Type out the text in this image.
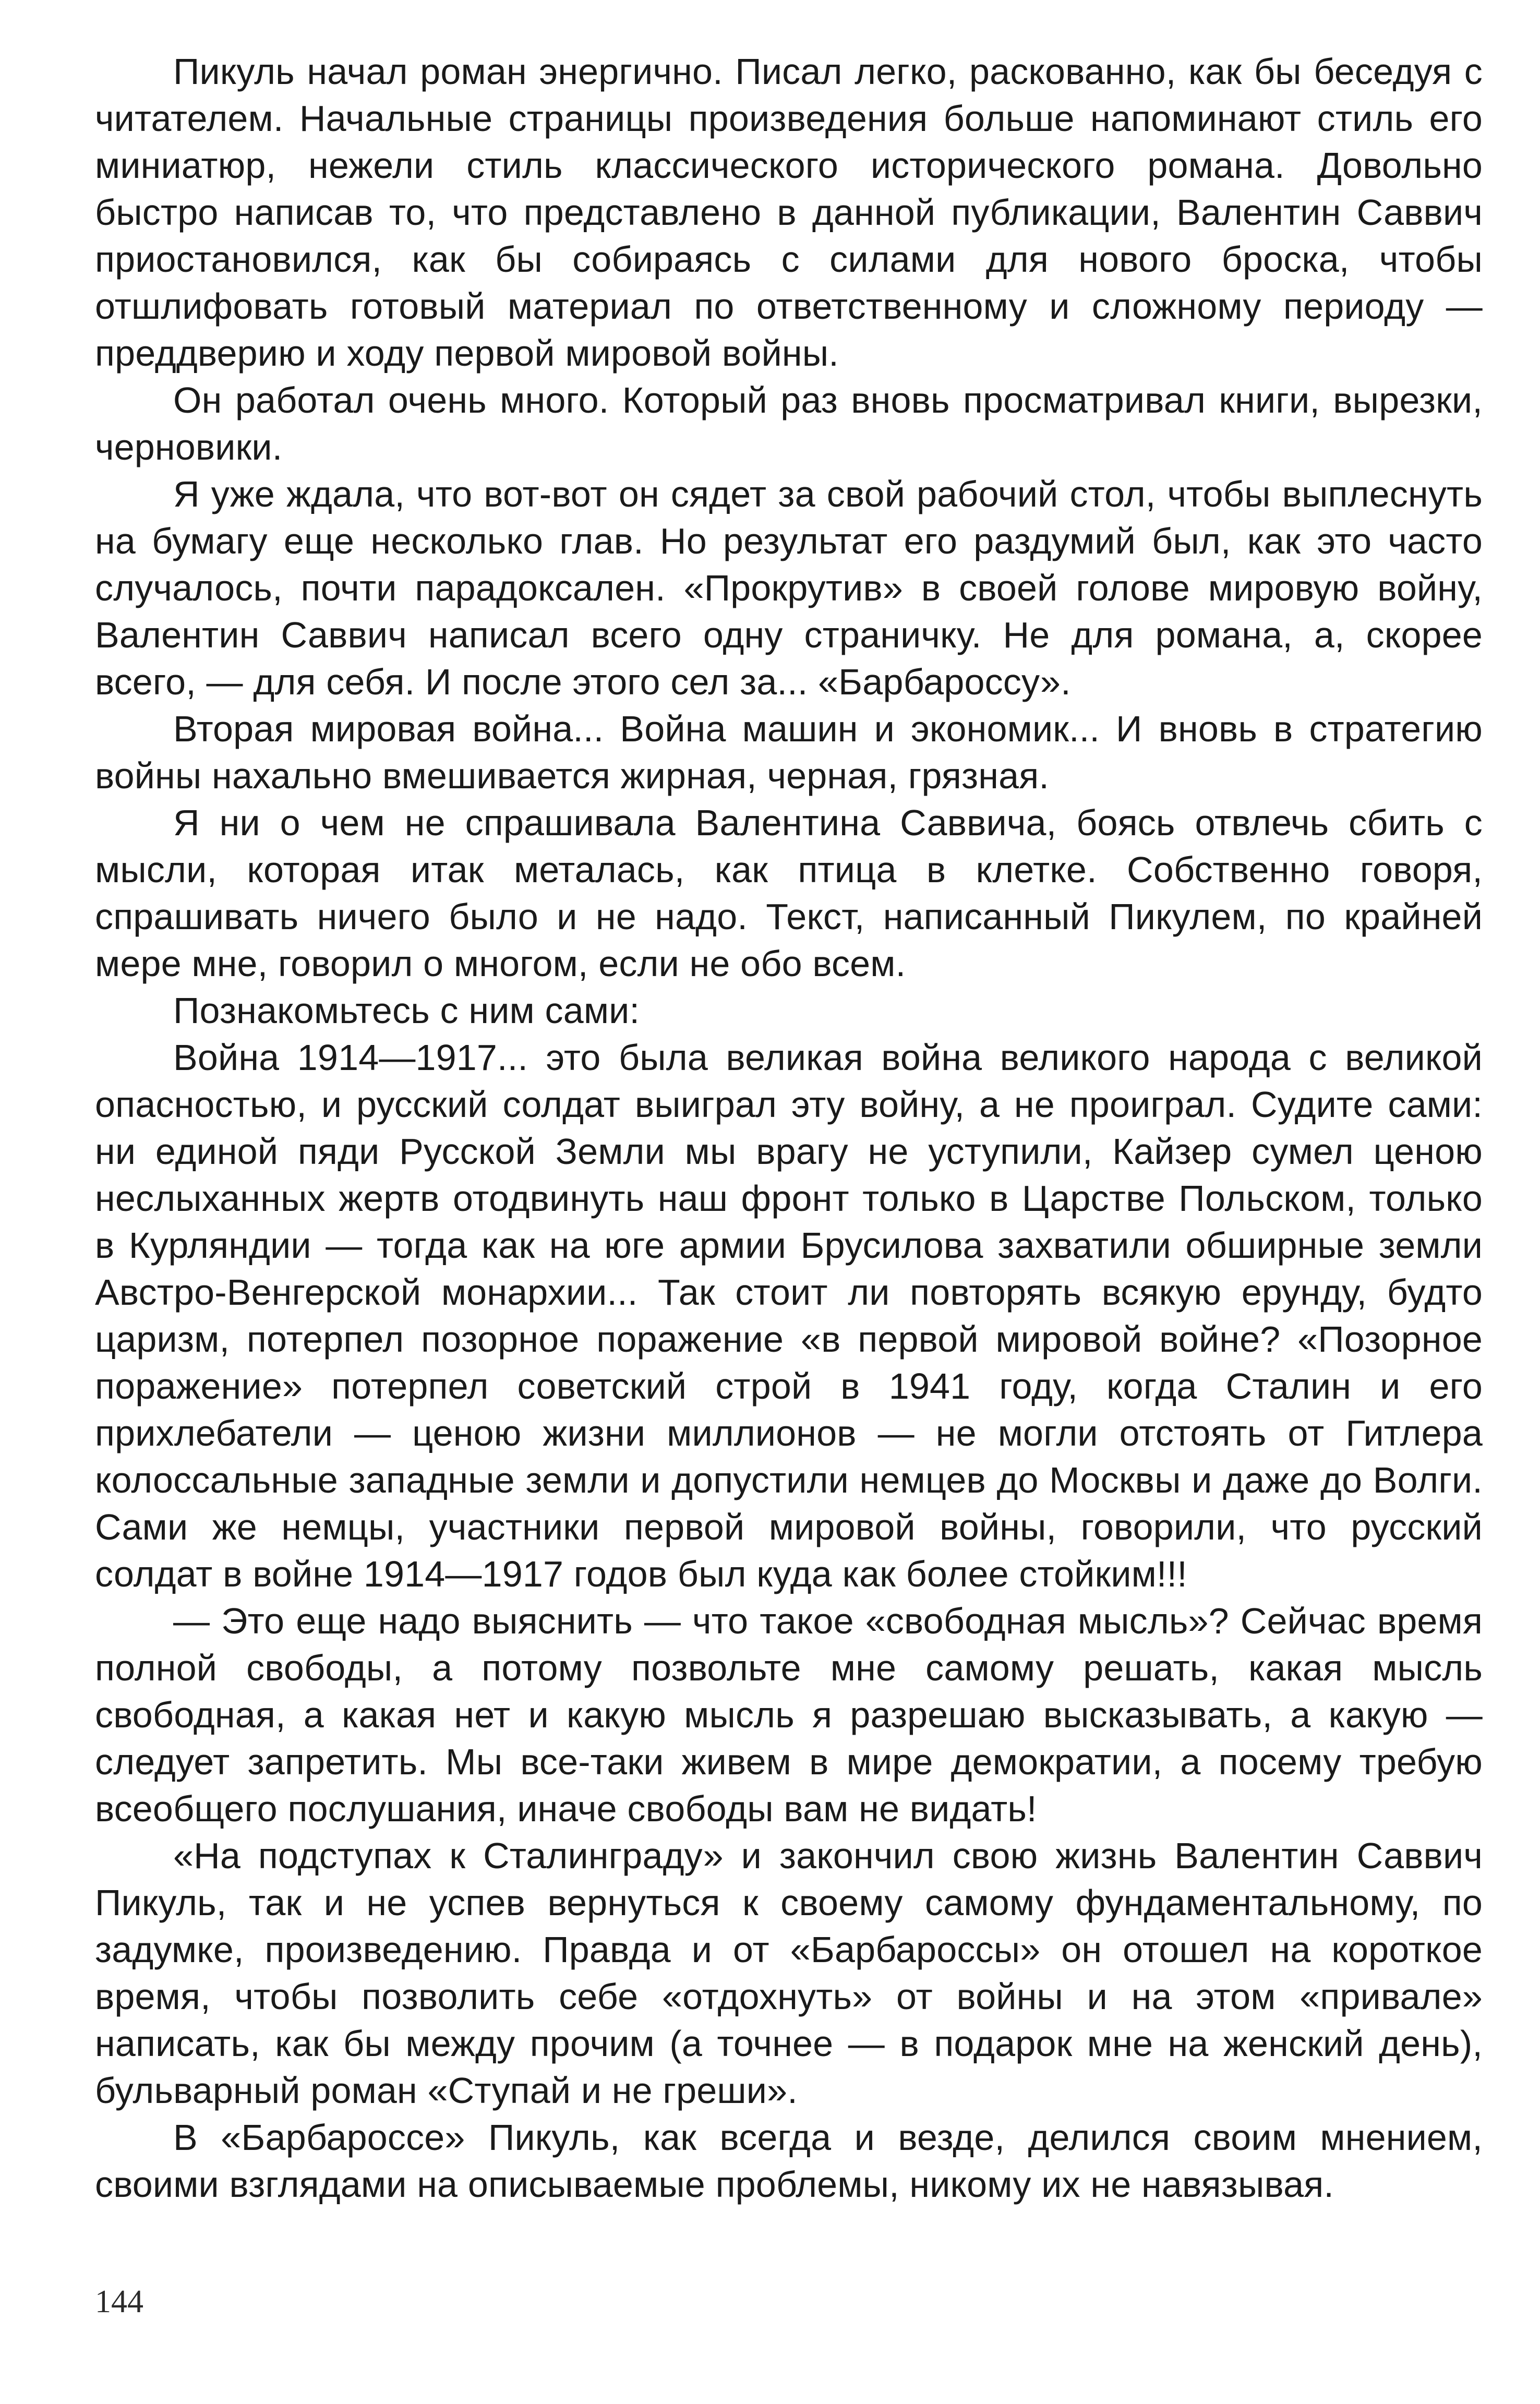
Пикуль начал роман энергично. Писал легко, раскованно, как бы беседуя с читателем. Начальные страницы произведения больше напоминают стиль его миниатюр, нежели стиль классического исторического романа. Довольно быстро написав то, что представлено в данной публикации, Валентин Саввич приостановился, как бы собираясь с силами для нового броска, чтобы отшлифовать готовый материал по ответственному и сложному периоду — преддверию и ходу первой мировой войны.

Он работал очень много. Который раз вновь просматривал книги, вырезки, черновики.

Я уже ждала, что вот-вот он сядет за свой рабочий стол, чтобы выплеснуть на бумагу еще несколько глав. Но результат его раздумий был, как это часто случалось, почти парадоксален. «Прокрутив» в своей голове мировую войну, Валентин Саввич написал всего одну страничку. Не для романа, а, скорее всего, — для себя. И после этого сел за... «Барбароссу».

Вторая мировая война... Война машин и экономик... И вновь в стратегию войны нахально вмешивается жирная, черная, грязная.

Я ни о чем не спрашивала Валентина Саввича, боясь отвлечь сбить с мысли, которая итак металась, как птица в клетке. Собственно говоря, спрашивать ничего было и не надо. Текст, написанный Пикулем, по крайней мере мне, говорил о многом, если не обо всем.

Познакомьтесь с ним сами:

Война 1914—1917... это была великая война великого народа с великой опасностью, и русский солдат выиграл эту войну, а не проиграл. Судите сами: ни единой пяди Русской Земли мы врагу не уступили, Кайзер сумел ценою неслыханных жертв отодвинуть наш фронт только в Царстве Польском, только в Курляндии — тогда как на юге армии Брусилова захватили обширные земли Австро-Венгерской монархии... Так стоит ли повторять всякую ерунду, будто царизм, потерпел позорное поражение «в первой мировой войне? «Позорное поражение» потерпел советский строй в 1941 году, когда Сталин и его прихлебатели — ценою жизни миллионов — не могли отстоять от Гитлера колоссальные западные земли и допустили немцев до Москвы и даже до Волги. Сами же немцы, участники первой мировой войны, говорили, что русский солдат в войне 1914—1917 годов был куда как более стойким!!!

— Это еще надо выяснить — что такое «свободная мысль»? Сейчас время полной свободы, а потому позвольте мне самому решать, какая мысль свободная, а какая нет и какую мысль я разрешаю высказывать, а какую — следует запретить. Мы все-таки живем в мире демократии, а посему требую всеобщего послушания, иначе свободы вам не видать!

«На подступах к Сталинграду» и закончил свою жизнь Валентин Саввич Пикуль, так и не успев вернуться к своему самому фундаментальному, по задумке, произведению. Правда и от «Барбароссы» он отошел на короткое время, чтобы позволить себе «отдохнуть» от войны и на этом «привале» написать, как бы между прочим (а точнее — в подарок мне на женский день), бульварный роман «Ступай и не греши».

В «Барбароссе» Пикуль, как всегда и везде, делился своим мнением, своими взглядами на описываемые проблемы, никому их не навязывая.

144
